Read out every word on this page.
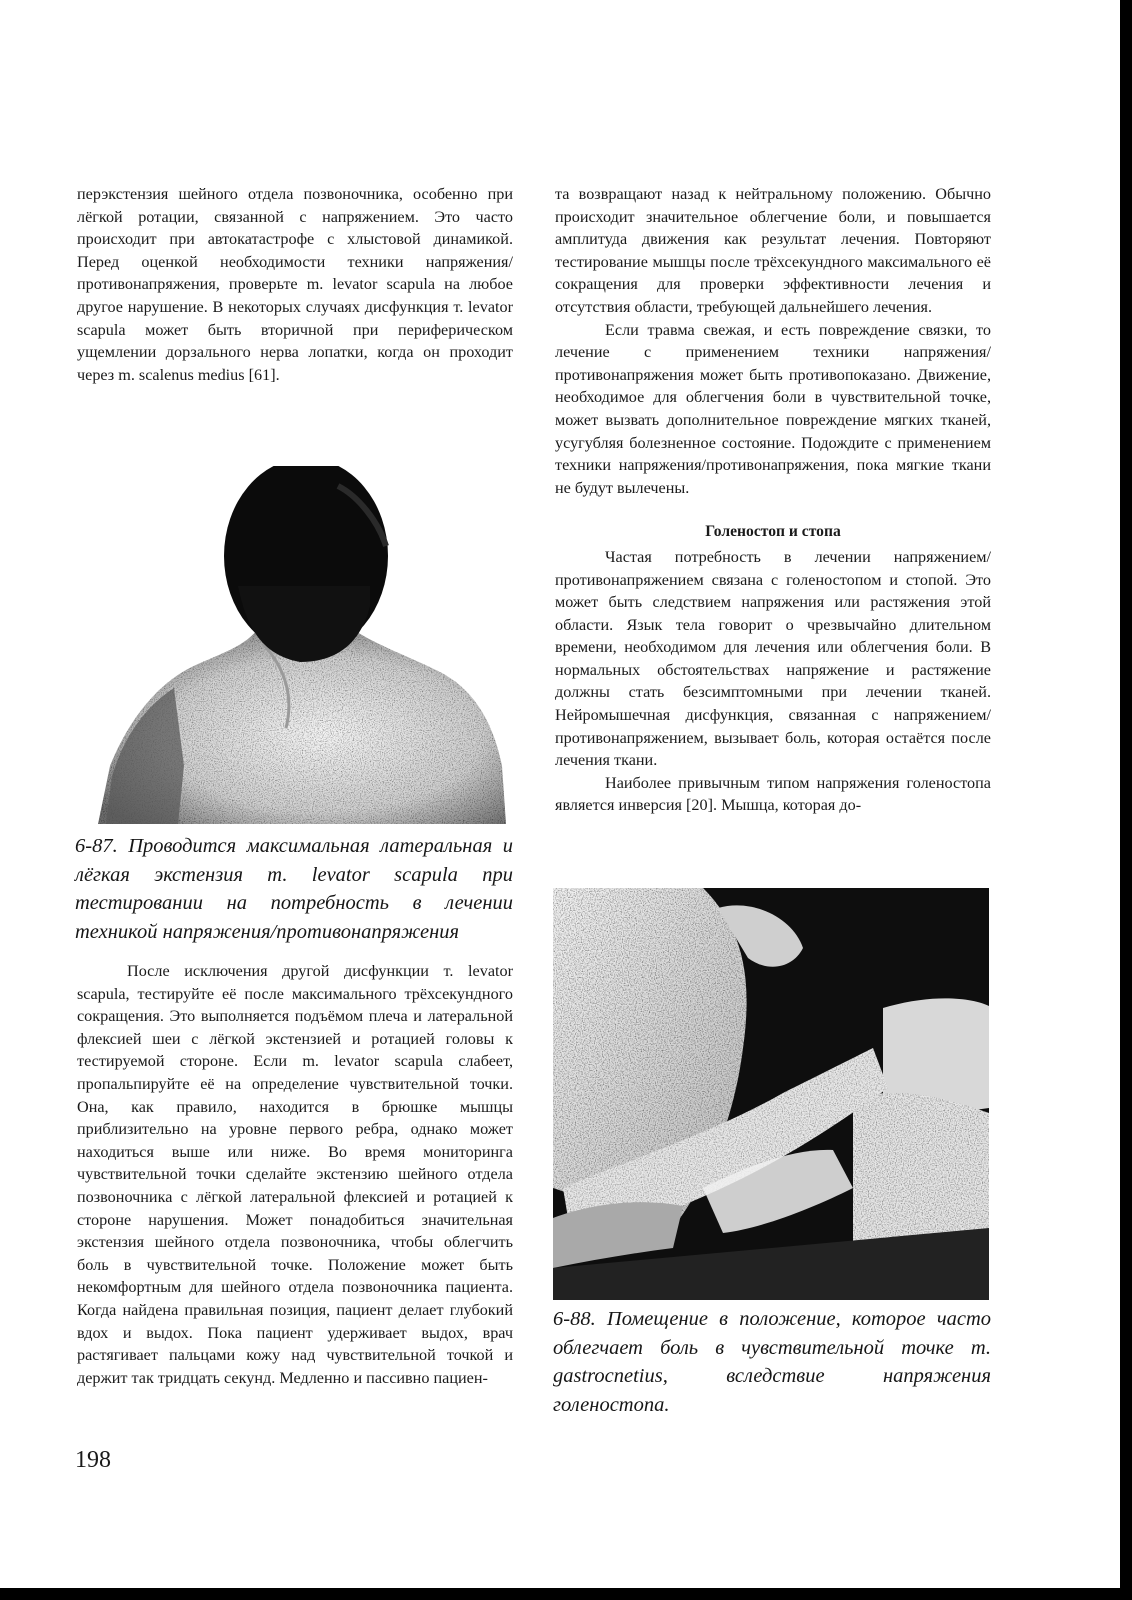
перэкстензия шейного отдела позвоночника, особенно при лёгкой ротации, связанной с напряжением. Это часто происходит при автокатастрофе с хлыстовой динамикой. Перед оценкой необходимости техники напряжения/противонапряжения, проверьте m. levator scapula на любое другое нарушение. В некоторых случаях дисфункция т. levator scapula может быть вторичной при периферическом ущемлении дорзального нерва лопатки, когда он проходит через m. scalenus medius [61].

6-87. Проводится максимальная латеральная и лёгкая экстензия т. levator scapula при тестировании на потребность в лечении техникой напряжения/противонапряжения

После исключения другой дисфункции т. levator scapula, тестируйте её после максимального трёхсекундного сокращения. Это выполняется подъёмом плеча и латеральной флексией шеи с лёгкой экстензией и ротацией головы к тестируемой стороне. Если m. levator scapula слабеет, пропальпируйте её на определение чувствительной точки. Она, как правило, находится в брюшке мышцы приблизительно на уровне первого ребра, однако может находиться выше или ниже. Во время мониторинга чувствительной точки сделайте экстензию шейного отдела позвоночника с лёгкой латеральной флексией и ротацией к стороне нарушения. Может понадобиться значительная экстензия шейного отдела позвоночника, чтобы облегчить боль в чувствительной точке. Положение может быть некомфортным для шейного отдела позвоночника пациента. Когда найдена правильная позиция, пациент делает глубокий вдох и выдох. Пока пациент удерживает выдох, врач растягивает пальцами кожу над чувствительной точкой и держит так тридцать секунд. Медленно и пассивно пациен-

та возвращают назад к нейтральному положению. Обычно происходит значительное облегчение боли, и повышается амплитуда движения как результат лечения. Повторяют тестирование мышцы после трёхсекундного максимального её сокращения для проверки эффективности лечения и отсутствия области, требующей дальнейшего лечения.

Если травма свежая, и есть повреждение связки, то лечение с применением техники напряжения/противонапряжения может быть противопоказано. Движение, необходимое для облегчения боли в чувствительной точке, может вызвать дополнительное повреждение мягких тканей, усугубляя болезненное состояние. Подождите с применением техники напряжения/противонапряжения, пока мягкие ткани не будут вылечены.

Голеностоп и стопа

Частая потребность в лечении напряжением/противонапряжением связана с голеностопом и стопой. Это может быть следствием напряжения или растяжения этой области. Язык тела говорит о чрезвычайно длительном времени, необходимом для лечения или облегчения боли. В нормальных обстоятельствах напряжение и растяжение должны стать безсимптомными при лечении тканей. Нейромышечная дисфункция, связанная с напряжением/противонапряжением, вызывает боль, которая остаётся после лечения ткани.

Наиболее привычным типом напряжения голеностопа является инверсия [20]. Мышца, которая до-

6-88. Помещение в положение, которое часто облегчает боль в чувствительной точке т. gastrocnetius, вследствие напряжения голеностопа.
198
